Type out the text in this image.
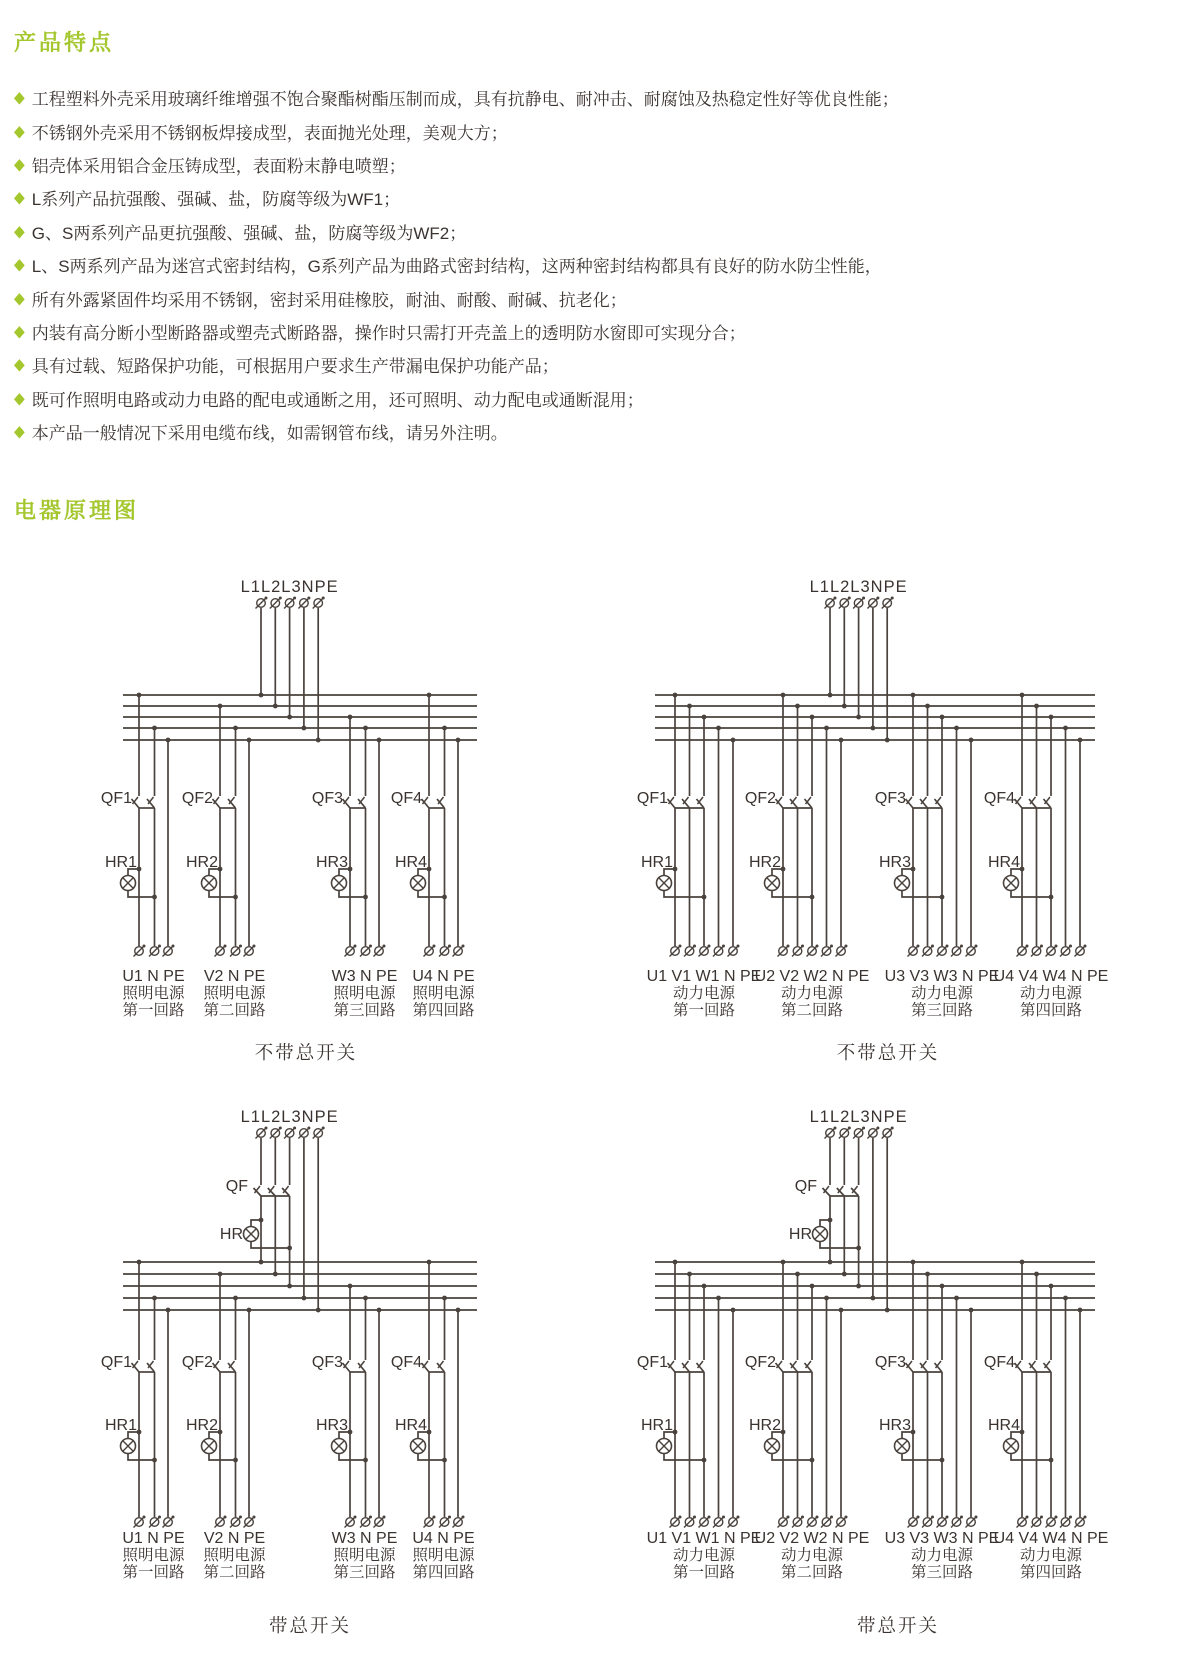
产品特点
◆ 工程塑料外壳采用玻璃纤维增强不饱合聚酯树酯压制而成，具有抗静电、耐冲击、耐腐蚀及热稳定性好等优良性能；
◆ 不锈钢外壳采用不锈钢板焊接成型，表面抛光处理，美观大方；
◆ 铝壳体采用铝合金压铸成型，表面粉末静电喷塑；
◆ L系列产品抗强酸、强碱、盐，防腐等级为WF1；
◆ G、S两系列产品更抗强酸、强碱、盐，防腐等级为WF2；
◆ L、S两系列产品为迷宫式密封结构，G系列产品为曲路式密封结构，这两种密封结构都具有良好的防水防尘性能，
◆ 所有外露紧固件均采用不锈钢，密封采用硅橡胶，耐油、耐酸、耐碱、抗老化；
◆ 内装有高分断小型断路器或塑壳式断路器，操作时只需打开壳盖上的透明防水窗即可实现分合；
◆ 具有过载、短路保护功能，可根据用户要求生产带漏电保护功能产品；
◆ 既可作照明电路或动力电路的配电或通断之用，还可照明、动力配电或通断混用；
◆ 本产品一般情况下采用电缆布线，如需钢管布线，请另外注明。
电器原理图
L1L2L3NPE
QF1
HR1
U1 N PE
照明电源
第一回路
QF2
HR2
V2 N PE
照明电源
第二回路
QF3
HR3
W3 N PE
照明电源
第三回路
QF4
HR4
U4 N PE
照明电源
第四回路
不带总开关
L1L2L3NPE
QF1
HR1
U1 V1 W1 N PE
动力电源
第一回路
QF2
HR2
U2 V2 W2 N PE
动力电源
第二回路
QF3
HR3
U3 V3 W3 N PE
动力电源
第三回路
QF4
HR4
U4 V4 W4 N PE
动力电源
第四回路
不带总开关
L1L2L3NPE
QF
HR
QF1
HR1
U1 N PE
照明电源
第一回路
QF2
HR2
V2 N PE
照明电源
第二回路
QF3
HR3
W3 N PE
照明电源
第三回路
QF4
HR4
U4 N PE
照明电源
第四回路
带总开关
L1L2L3NPE
QF
HR
QF1
HR1
U1 V1 W1 N PE
动力电源
第一回路
QF2
HR2
U2 V2 W2 N PE
动力电源
第二回路
QF3
HR3
U3 V3 W3 N PE
动力电源
第三回路
QF4
HR4
U4 V4 W4 N PE
动力电源
第四回路
带总开关
